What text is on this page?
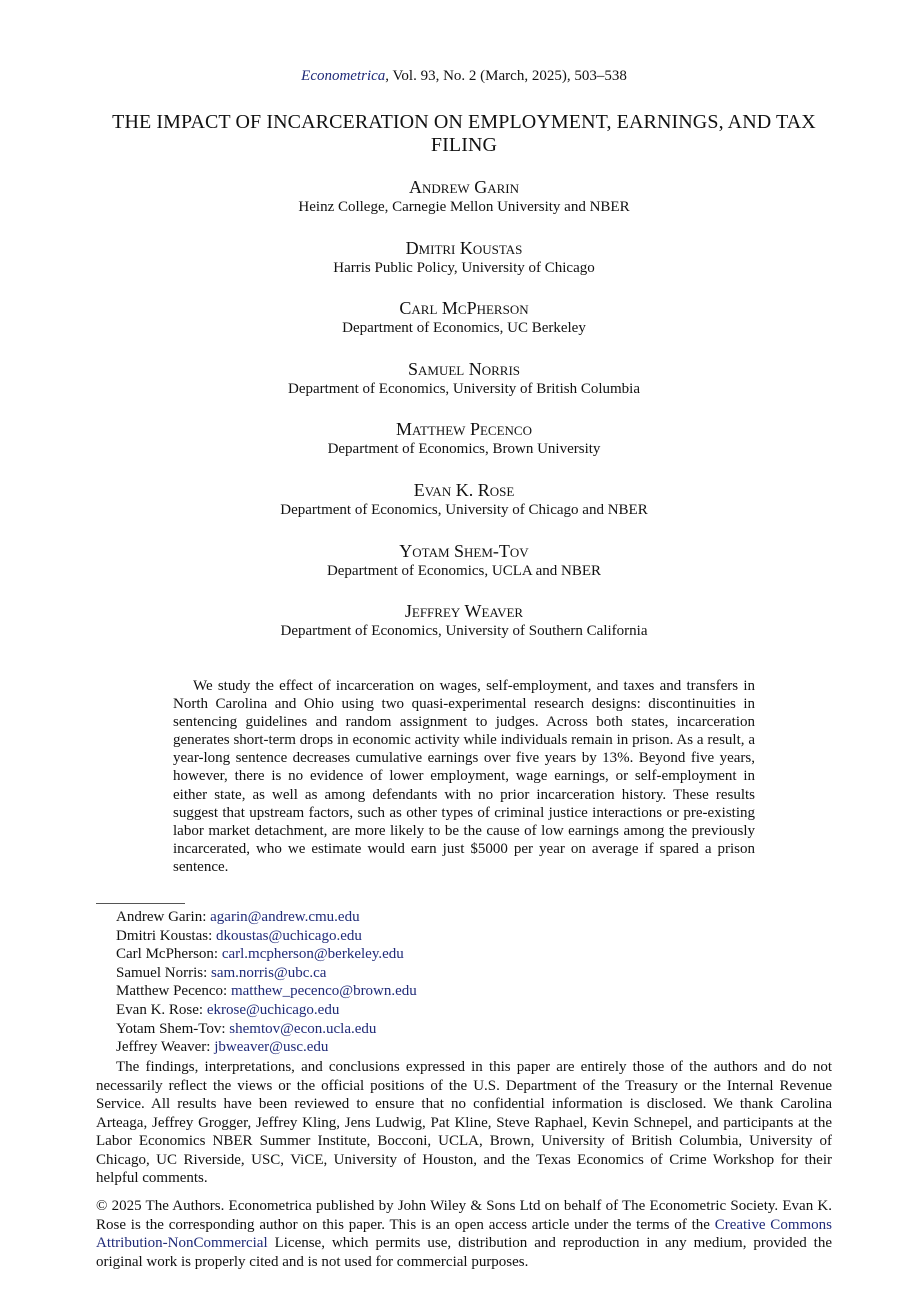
Econometrica, Vol. 93, No. 2 (March, 2025), 503–538
THE IMPACT OF INCARCERATION ON EMPLOYMENT, EARNINGS, AND TAX FILING
Andrew Garin
Heinz College, Carnegie Mellon University and NBER
Dmitri Koustas
Harris Public Policy, University of Chicago
Carl McPherson
Department of Economics, UC Berkeley
Samuel Norris
Department of Economics, University of British Columbia
Matthew Pecenco
Department of Economics, Brown University
Evan K. Rose
Department of Economics, University of Chicago and NBER
Yotam Shem-Tov
Department of Economics, UCLA and NBER
Jeffrey Weaver
Department of Economics, University of Southern California

We study the effect of incarceration on wages, self-employment, and taxes and transfers in North Carolina and Ohio using two quasi-experimental research designs: discontinuities in sentencing guidelines and random assignment to judges. Across both states, incarceration generates short-term drops in economic activity while individuals remain in prison. As a result, a year-long sentence decreases cumulative earnings over five years by 13%. Beyond five years, however, there is no evidence of lower employment, wage earnings, or self-employment in either state, as well as among defendants with no prior incarceration history. These results suggest that upstream factors, such as other types of criminal justice interactions or pre-existing labor market detachment, are more likely to be the cause of low earnings among the previously incarcerated, who we estimate would earn just $5000 per year on average if spared a prison sentence.

Andrew Garin: agarin@andrew.cmu.edu
Dmitri Koustas: dkoustas@uchicago.edu
Carl McPherson: carl.mcpherson@berkeley.edu
Samuel Norris: sam.norris@ubc.ca
Matthew Pecenco: matthew_pecenco@brown.edu
Evan K. Rose: ekrose@uchicago.edu
Yotam Shem-Tov: shemtov@econ.ucla.edu
Jeffrey Weaver: jbweaver@usc.edu

The findings, interpretations, and conclusions expressed in this paper are entirely those of the authors and do not necessarily reflect the views or the official positions of the U.S. Department of the Treasury or the Internal Revenue Service. All results have been reviewed to ensure that no confidential information is disclosed. We thank Carolina Arteaga, Jeffrey Grogger, Jeffrey Kling, Jens Ludwig, Pat Kline, Steve Raphael, Kevin Schnepel, and participants at the Labor Economics NBER Summer Institute, Bocconi, UCLA, Brown, University of British Columbia, University of Chicago, UC Riverside, USC, ViCE, University of Houston, and the Texas Economics of Crime Workshop for their helpful comments.

© 2025 The Authors. Econometrica published by John Wiley & Sons Ltd on behalf of The Econometric Society. Evan K. Rose is the corresponding author on this paper. This is an open access article under the terms of the Creative Commons Attribution-NonCommercial License, which permits use, distribution and reproduction in any medium, provided the original work is properly cited and is not used for commercial purposes.
